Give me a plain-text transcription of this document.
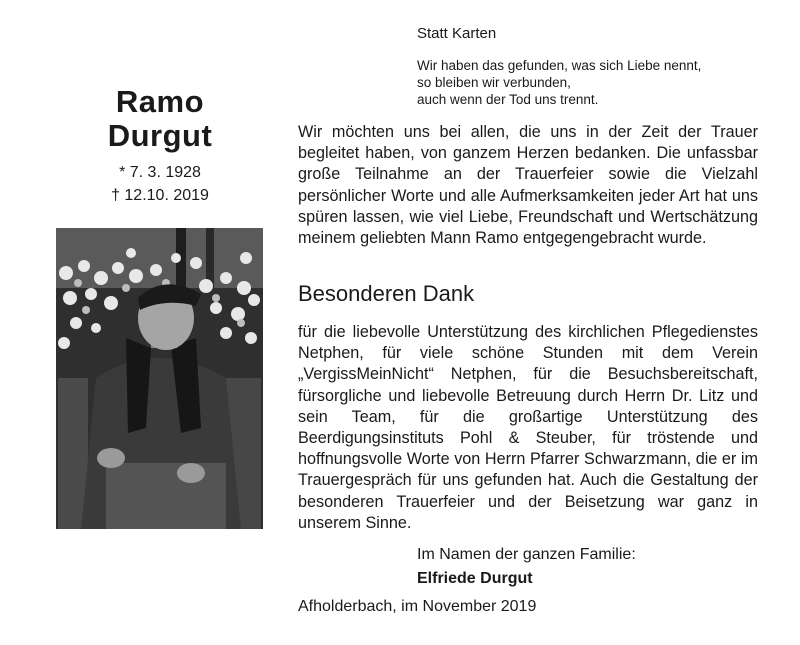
Ramo
Durgut
* 7. 3. 1928
† 12.10. 2019
Statt Karten
Wir haben das gefunden, was sich Liebe nennt,
so bleiben wir verbunden,
auch wenn der Tod uns trennt.
Wir möchten uns bei allen, die uns in der Zeit der Trauer begleitet haben, von ganzem Herzen bedanken. Die unfassbar große Teilnahme an der Trauerfeier sowie die Vielzahl persönlicher Worte und alle Aufmerksamkeiten jeder Art hat uns spüren lassen, wie viel Liebe, Freundschaft und Wertschätzung meinem geliebten Mann Ramo entgegengebracht wurde.
Besonderen Dank
für die liebevolle Unterstützung des kirchlichen Pflegedienstes Netphen, für viele schöne Stunden mit dem Verein „VergissMeinNicht“ Netphen, für die Besuchsbereitschaft, fürsorgliche und liebevolle Betreuung durch Herrn Dr. Litz und sein Team, für die großartige Unterstützung des Beerdigungsinstituts Pohl & Steuber, für tröstende und hoffnungsvolle Worte von Herrn Pfarrer Schwarzmann, die er im Trauergespräch für uns gefunden hat. Auch die Gestaltung der besonderen Trauerfeier und der Beisetzung war ganz in unserem Sinne.
Im Namen der ganzen Familie:
Elfriede Durgut
Afholderbach, im November 2019
